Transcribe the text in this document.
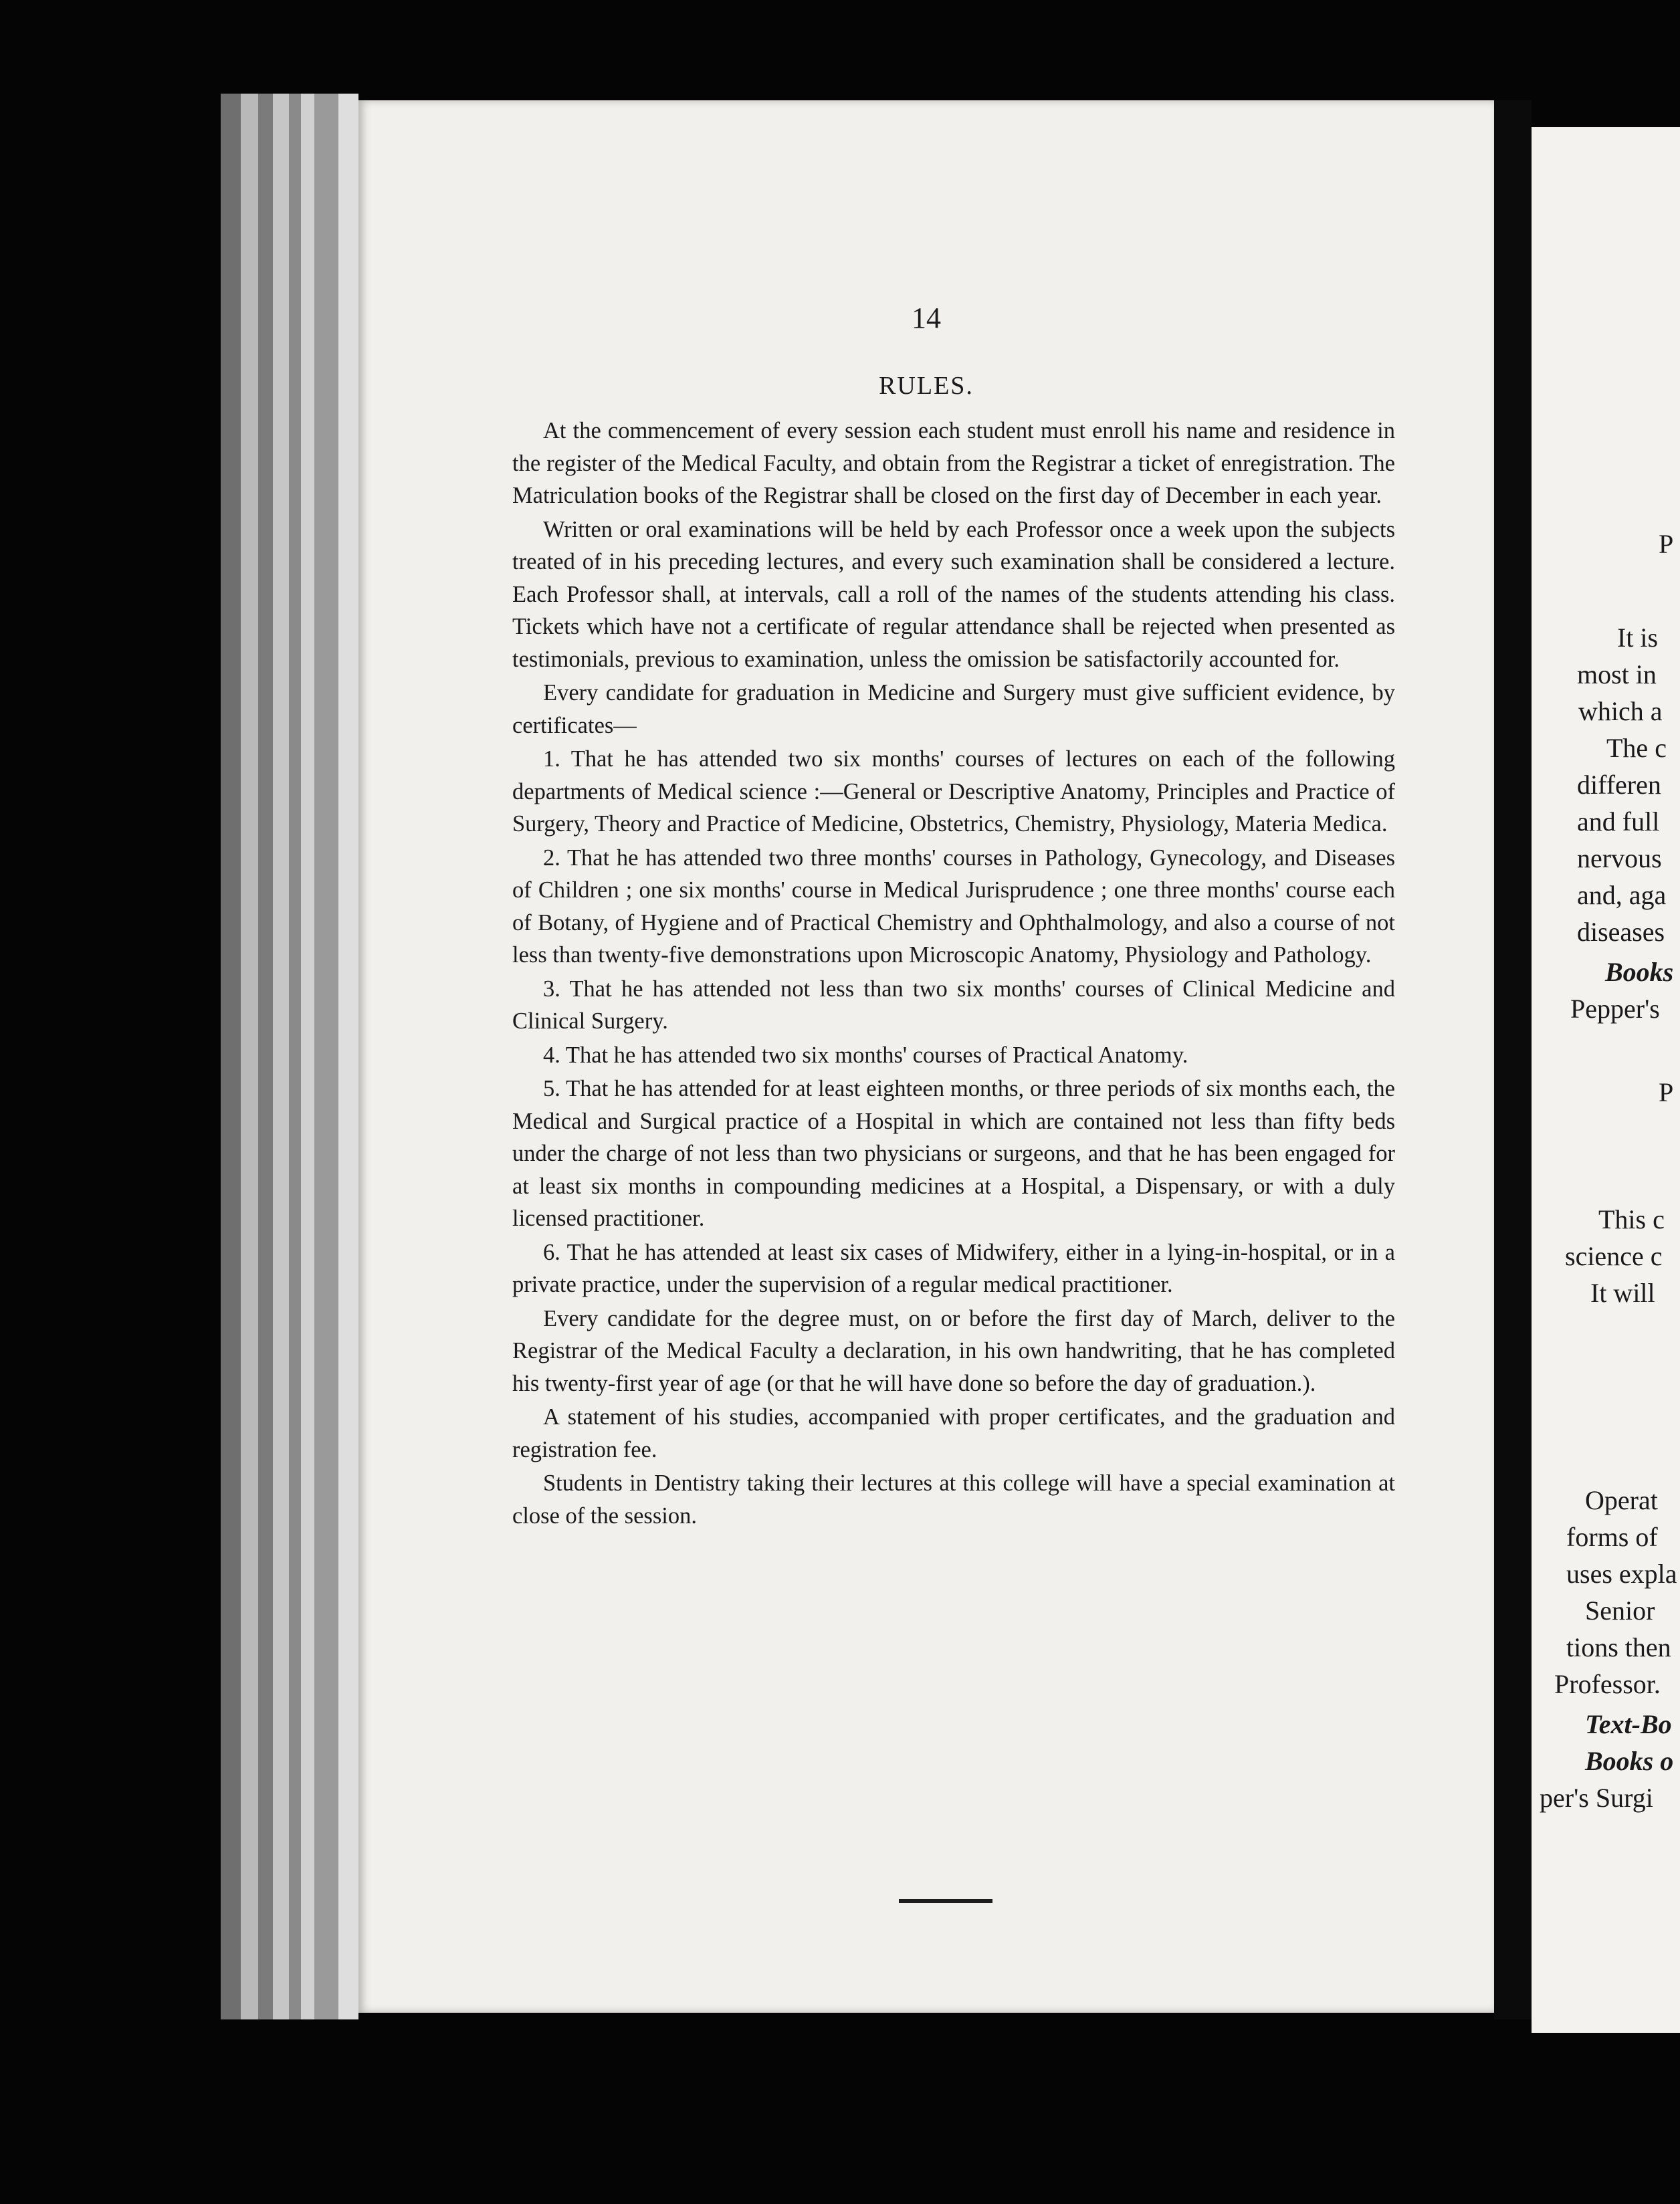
14
RULES.

At the commencement of every session each student must enroll his name and residence in the register of the Medical Faculty, and obtain from the Registrar a ticket of enregistration. The Matriculation books of the Registrar shall be closed on the first day of December in each year.

Written or oral examinations will be held by each Professor once a week upon the subjects treated of in his preceding lectures, and every such examination shall be considered a lecture. Each Professor shall, at intervals, call a roll of the names of the students attending his class. Tickets which have not a certificate of regular attendance shall be rejected when presented as testimonials, previous to examination, unless the omission be satisfactorily accounted for.

Every candidate for graduation in Medicine and Surgery must give sufficient evidence, by certificates—

1. That he has attended two six months' courses of lectures on each of the following departments of Medical science :—General or Descriptive Anatomy, Principles and Practice of Surgery, Theory and Practice of Medicine, Obstetrics, Chemistry, Physiology, Materia Medica.

2. That he has attended two three months' courses in Pathology, Gynecology, and Diseases of Children ; one six months' course in Medical Jurisprudence ; one three months' course each of Botany, of Hygiene and of Practical Chemistry and Ophthalmology, and also a course of not less than twenty-five demonstrations upon Microscopic Anatomy, Physiology and Pathology.

3. That he has attended not less than two six months' courses of Clinical Medicine and Clinical Surgery.

4. That he has attended two six months' courses of Practical Anatomy.

5. That he has attended for at least eighteen months, or three periods of six months each, the Medical and Surgical practice of a Hospital in which are contained not less than fifty beds under the charge of not less than two physicians or surgeons, and that he has been engaged for at least six months in compounding medicines at a Hospital, a Dispensary, or with a duly licensed practitioner.

6. That he has attended at least six cases of Midwifery, either in a lying-in-hospital, or in a private practice, under the supervision of a regular medical practitioner.

Every candidate for the degree must, on or before the first day of March, deliver to the Registrar of the Medical Faculty a declaration, in his own handwriting, that he has completed his twenty-first year of age (or that he will have done so before the day of graduation.).

A statement of his studies, accompanied with proper certificates, and the graduation and registration fee.

Students in Dentistry taking their lectures at this college will have a special examination at close of the session.

P
It is
most in
which a
The c
differen
and full
nervous
and, aga
diseases
Books
Pepper's
P
This c
science c
It will
Operat
forms of
uses expla
Senior
tions then
Professor.
Text-Bo
Books o
per's Surgi
